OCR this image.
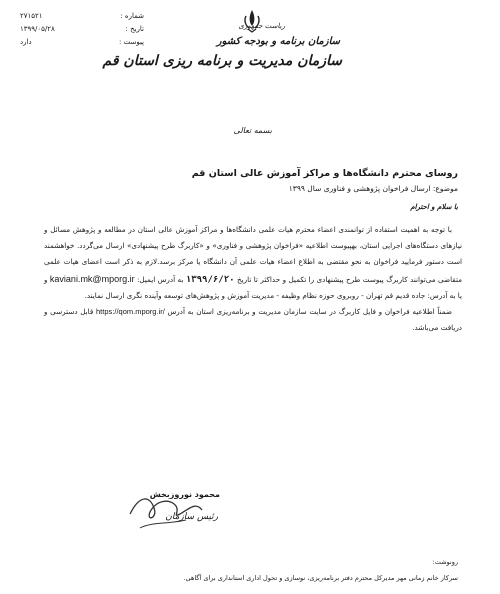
ریاست جمهوری
سازمان برنامه و بودجه کشور
سازمان مدیریت و برنامه ریزی استان قم
شماره :
۲۷۱۵۲۱
تاریخ :
۱۳۹۹/۰۵/۲۸
پیوست :
دارد
بسمه تعالی
روسای محترم دانشگاه‌ها و مراکز آموزش عالی استان قم
موضوع: ارسال فراخوان پژوهشی و فناوری سال ۱۳۹۹
با سلام و احترام

با توجه به اهمیت استفاده از توانمندی اعضاء محترم هیات علمی دانشگاه‌ها و مراکز آموزش عالی استان در مطالعه و پژوهش مسائل و نیازهای دستگاه‌های اجرایی استان، بهپیوست اطلاعیه «فراخوان پژوهشی و فناوری» و «کاربرگ طرح پیشنهادی» ارسال می‌گردد. خواهشمند است دستور فرمایید فراخوان به نحو مقتضی به اطلاع اعضاء هیات علمی آن دانشگاه یا مرکز برسد.لازم به ذکر است اعضای هیات علمی متقاضی می‌توانند کاربرگ پیوست طرح پیشنهادی را تکمیل و حداکثر تا تاریخ ۱۳۹۹/۶/۲۰ به آدرس ایمیل: kaviani.mk@mporg.ir و یا به آدرس: جاده قدیم قم تهران - روبروی حوزه نظام وظیفه - مدیریت آموزش و پژوهش‌های توسعه وآینده نگری ارسال نمایند.

ضمناً اطلاعیه فراخوان و فایل کاربرگ در سایت سازمان مدیریت و برنامه‌ریزی استان به آدرس https://qom.mporg.ir/ قابل دسترسی و دریافت می‌باشد.

محمود نوروزبخش
رئیس سازمان
رونوشت:
سرکار خانم زمانی مهر مدیرکل محترم دفتر برنامه‌ریزی، نوسازی و تحول اداری استانداری برای آگاهی.
